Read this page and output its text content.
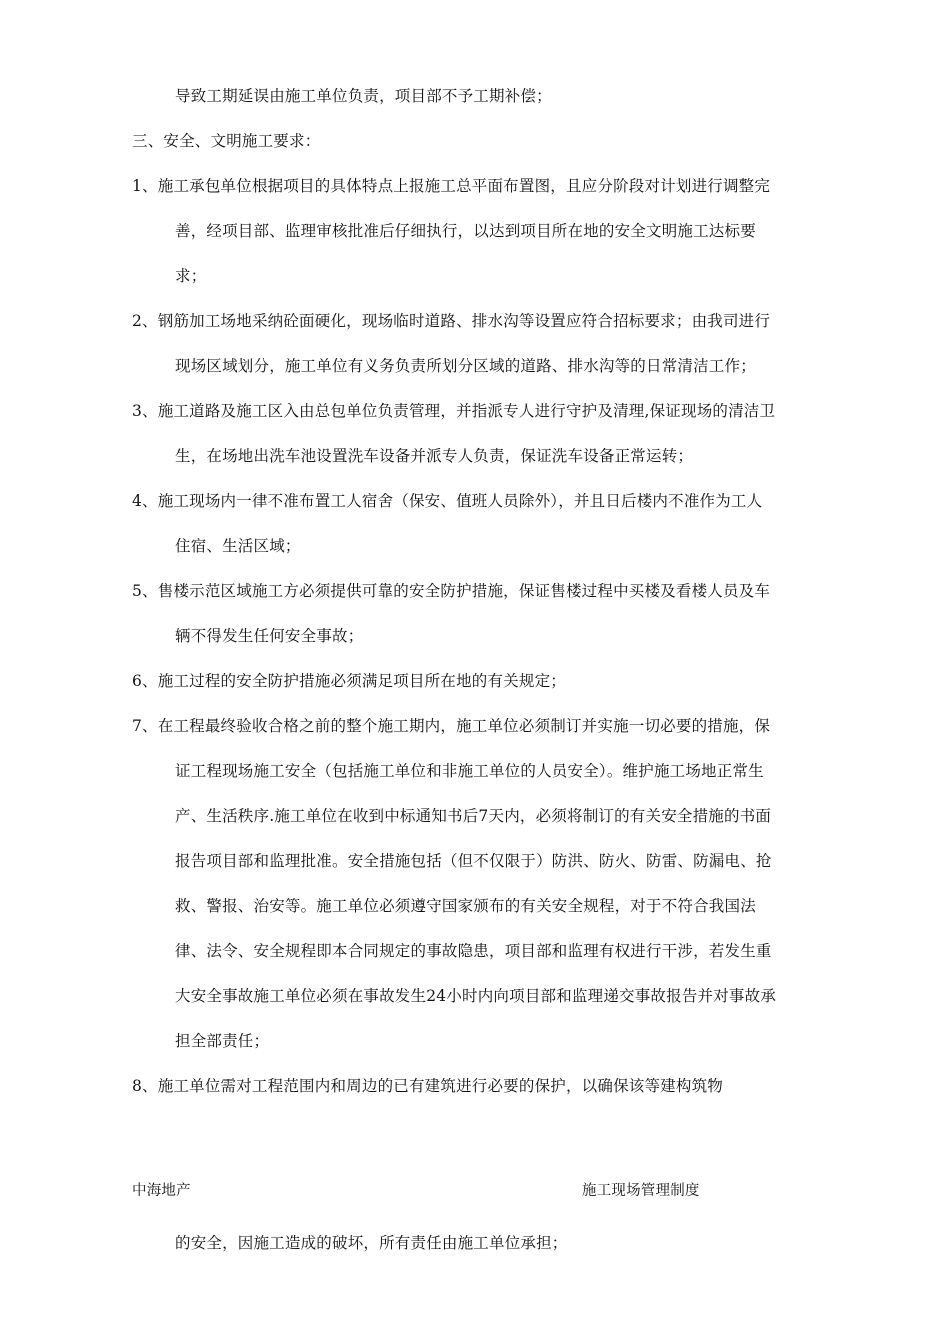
导致工期延误由施工单位负责，项目部不予工期补偿；
三、安全、文明施工要求：
1、施工承包单位根据项目的具体特点上报施工总平面布置图，且应分阶段对计划进行调整完
善，经项目部、监理审核批准后仔细执行，以达到项目所在地的安全文明施工达标要
求；
2、钢筋加工场地采纳砼面硬化，现场临时道路、排水沟等设置应符合招标要求；由我司进行
现场区域划分，施工单位有义务负责所划分区域的道路、排水沟等的日常清洁工作；
3、施工道路及施工区入由总包单位负责管理，并指派专人进行守护及清理,保证现场的清洁卫
生，在场地出洗车池设置洗车设备并派专人负责，保证洗车设备正常运转；
4、施工现场内一律不准布置工人宿舍（保安、值班人员除外），并且日后楼内不准作为工人
住宿、生活区域；
5、售楼示范区域施工方必须提供可靠的安全防护措施，保证售楼过程中买楼及看楼人员及车
辆不得发生任何安全事故；
6、施工过程的安全防护措施必须满足项目所在地的有关规定；
7、在工程最终验收合格之前的整个施工期内，施工单位必须制订并实施一切必要的措施，保
证工程现场施工安全（包括施工单位和非施工单位的人员安全）。维护施工场地正常生
产、生活秩序.施工单位在收到中标通知书后7天内，必须将制订的有关安全措施的书面
报告项目部和监理批准。安全措施包括（但不仅限于）防洪、防火、防雷、防漏电、抢
救、警报、治安等。施工单位必须遵守国家颁布的有关安全规程，对于不符合我国法
律、法令、安全规程即本合同规定的事故隐患，项目部和监理有权进行干涉，若发生重
大安全事故施工单位必须在事故发生24小时内向项目部和监理递交事故报告并对事故承
担全部责任；
8、施工单位需对工程范围内和周边的已有建筑进行必要的保护，以确保该等建构筑物
中海地产	施工现场管理制度
的安全，因施工造成的破坏，所有责任由施工单位承担；
